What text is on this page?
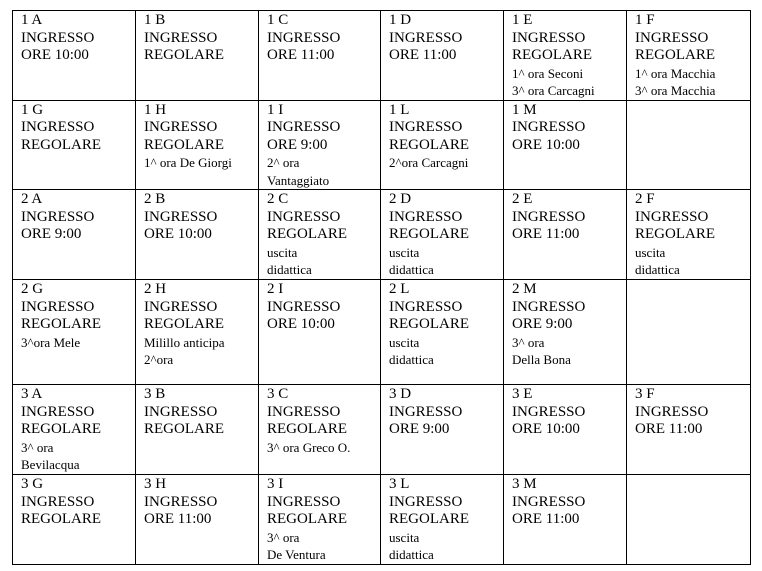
1 A
INGRESSO
ORE 10:00	1 B
INGRESSO
REGOLARE	1 C
INGRESSO
ORE 11:00	1 D
INGRESSO
ORE 11:00	1 E
INGRESSO
REGOLARE
1^ ora Seconi
3^ ora Carcagni	1 F
INGRESSO
REGOLARE
1^ ora Macchia
3^ ora Macchia

1 G
INGRESSO
REGOLARE	1 H
INGRESSO
REGOLARE
1^ ora De Giorgi	1 I
INGRESSO
ORE 9:00
2^ ora
Vantaggiato	1 L
INGRESSO
REGOLARE
2^ora Carcagni	1 M
INGRESSO
ORE 10:00	

2 A
INGRESSO
ORE 9:00	2 B
INGRESSO
ORE 10:00	2 C
INGRESSO
REGOLARE
uscita
didattica	2 D
INGRESSO
REGOLARE
uscita
didattica	2 E
INGRESSO
ORE 11:00	2 F
INGRESSO
REGOLARE
uscita
didattica

2 G
INGRESSO
REGOLARE
3^ora Mele	2 H
INGRESSO
REGOLARE
Milillo anticipa
2^ora	2 I
INGRESSO
ORE 10:00	2 L
INGRESSO
REGOLARE
uscita
didattica	2 M
INGRESSO
ORE 9:00
3^ ora
Della Bona	

3 A
INGRESSO
REGOLARE
3^ ora
Bevilacqua	3 B
INGRESSO
REGOLARE	3 C
INGRESSO
REGOLARE
3^ ora Greco O.	3 D
INGRESSO
ORE 9:00	3 E
INGRESSO
ORE 10:00	3 F
INGRESSO
ORE 11:00

3 G
INGRESSO
REGOLARE	3 H
INGRESSO
ORE 11:00	3 I
INGRESSO
REGOLARE
3^ ora
De Ventura	3 L
INGRESSO
REGOLARE
uscita
didattica	3 M
INGRESSO
ORE 11:00	
